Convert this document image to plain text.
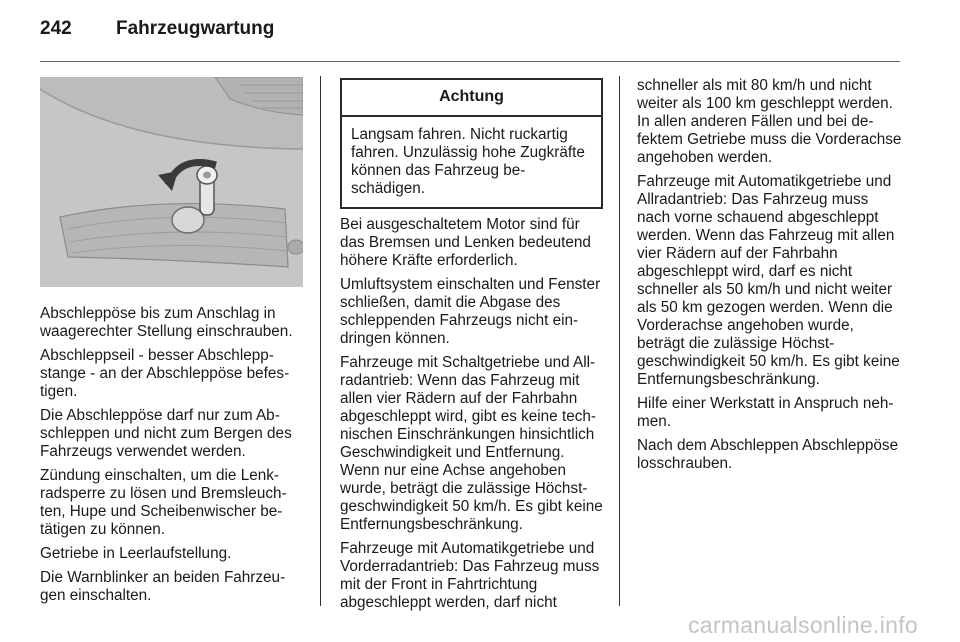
242	Fahrzeugwartung

Abschleppöse bis zum Anschlag in waagerechter Stellung einschrauben.

Abschleppseil - besser Abschleppstange - an der Abschleppöse befestigen.

Die Abschleppöse darf nur zum Abschleppen und nicht zum Bergen des Fahrzeugs verwendet werden.

Zündung einschalten, um die Lenkradsperre zu lösen und Bremsleuchten, Hupe und Scheibenwischer betätigen zu können.

Getriebe in Leerlaufstellung.

Die Warnblinker an beiden Fahrzeugen einschalten.

Achtung
Langsam fahren. Nicht ruckartig fahren. Unzulässig hohe Zugkräfte können das Fahrzeug beschädigen.

Bei ausgeschaltetem Motor sind für das Bremsen und Lenken bedeutend höhere Kräfte erforderlich.

Umluftsystem einschalten und Fenster schließen, damit die Abgase des schleppenden Fahrzeugs nicht eindringen können.

Fahrzeuge mit Schaltgetriebe und Allradantrieb: Wenn das Fahrzeug mit allen vier Rädern auf der Fahrbahn abgeschleppt wird, gibt es keine technischen Einschränkungen hinsichtlich Geschwindigkeit und Entfernung. Wenn nur eine Achse angehoben wurde, beträgt die zulässige Höchstgeschwindigkeit 50 km/h. Es gibt keine Entfernungsbeschränkung.

Fahrzeuge mit Automatikgetriebe und Vorderradantrieb: Das Fahrzeug muss mit der Front in Fahrtrichtung abgeschleppt werden, darf nicht

schneller als mit 80 km/h und nicht weiter als 100 km geschleppt werden. In allen anderen Fällen und bei defektem Getriebe muss die Vorderachse angehoben werden.

Fahrzeuge mit Automatikgetriebe und Allradantrieb: Das Fahrzeug muss nach vorne schauend abgeschleppt werden. Wenn das Fahrzeug mit allen vier Rädern auf der Fahrbahn abgeschleppt wird, darf es nicht schneller als 50 km/h und nicht weiter als 50 km gezogen werden. Wenn die Vorderachse angehoben wurde, beträgt die zulässige Höchstgeschwindigkeit 50 km/h. Es gibt keine Entfernungsbeschränkung.

Hilfe einer Werkstatt in Anspruch nehmen.

Nach dem Abschleppen Abschleppöse losschrauben.

carmanualsonline.info
